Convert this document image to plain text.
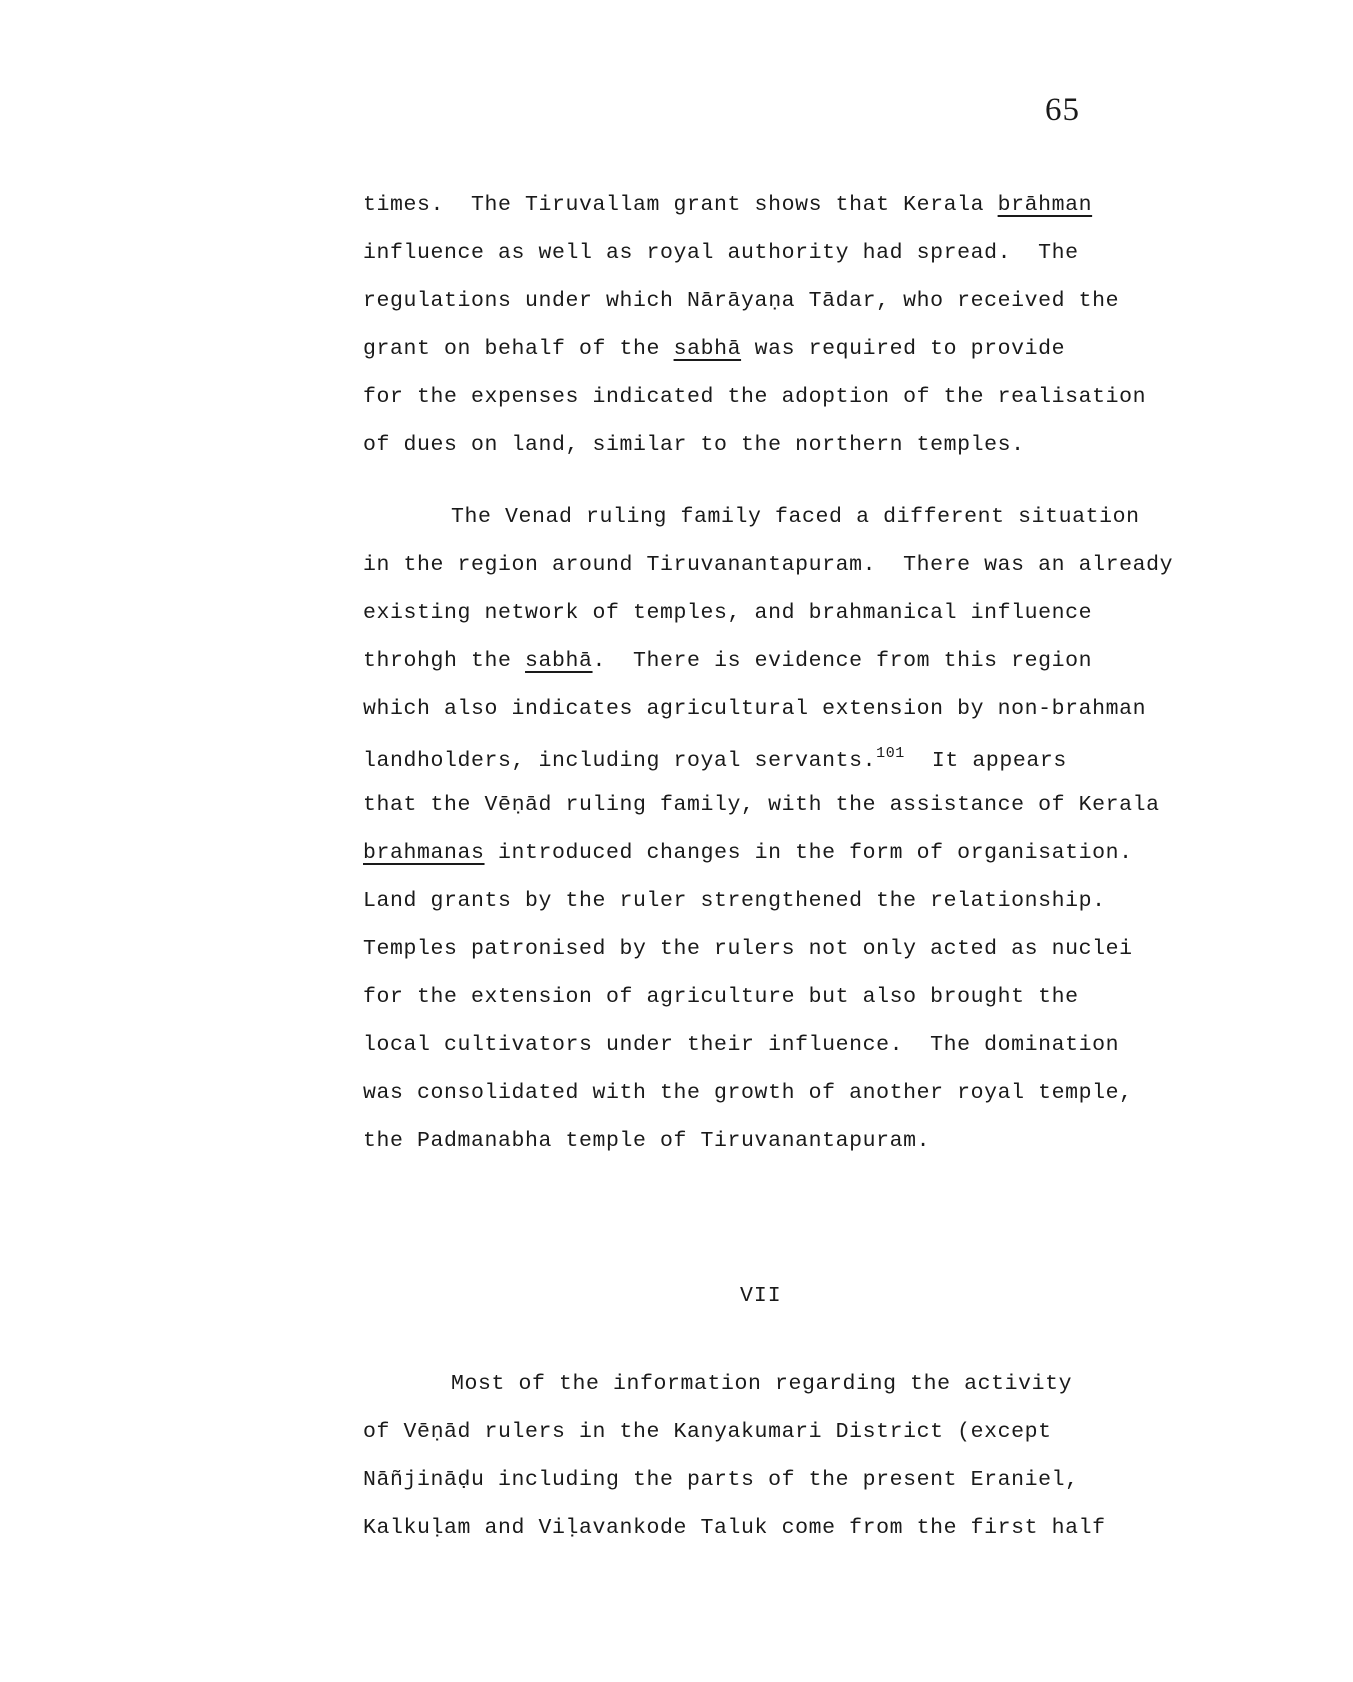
65
times.  The Tiruvallam grant shows that Kerala brāhman
influence as well as royal authority had spread.  The
regulations under which Nārāyaṇa Tādar, who received the
grant on behalf of the sabhā was required to provide
for the expenses indicated the adoption of the realisation
of dues on land, similar to the northern temples.
The Venad ruling family faced a different situation
in the region around Tiruvanantapuram.  There was an already
existing network of temples, and brahmanical influence
throhgh the sabhā.  There is evidence from this region
which also indicates agricultural extension by non-brahman
landholders, including royal servants.$^{101}$  It appears
that the Vēṇād ruling family, with the assistance of Kerala
brahmanas introduced changes in the form of organisation.
Land grants by the ruler strengthened the relationship.
Temples patronised by the rulers not only acted as nuclei
for the extension of agriculture but also brought the
local cultivators under their influence.  The domination
was consolidated with the growth of another royal temple,
the Padmanabha temple of Tiruvanantapuram.
VII
Most of the information regarding the activity
of Vēṇād rulers in the Kanyakumari District (except
Nāñjināḍu including the parts of the present Eraniel,
Kalkuḷam and Viḷavankode Taluk come from the first half
